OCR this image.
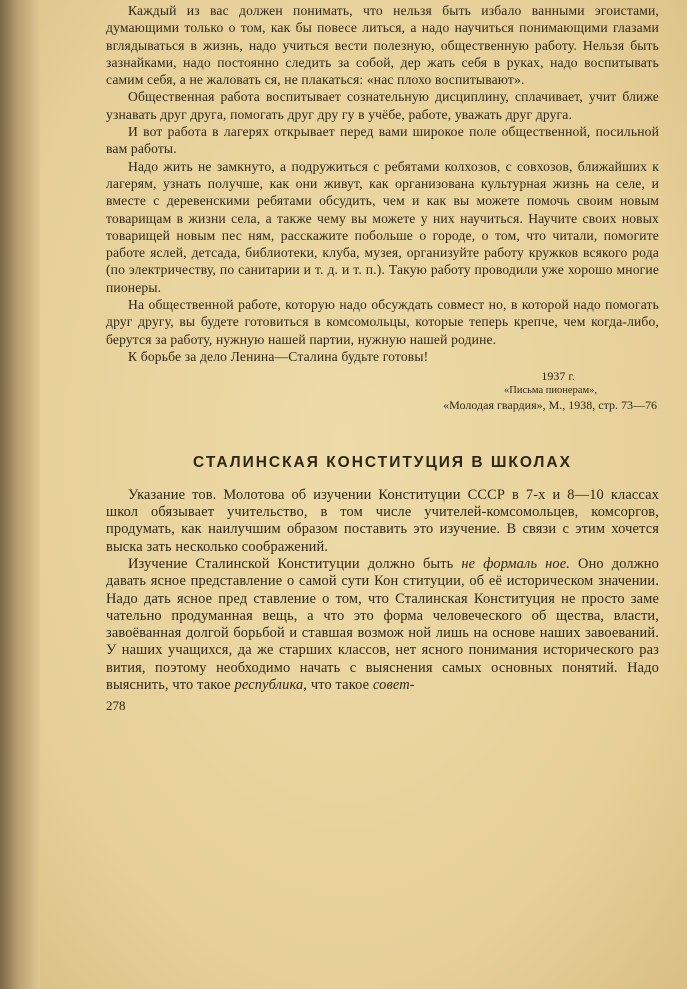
Каждый из вас должен понимать, что нельзя быть избало ванными эгоистами, думающими только о том, как бы повесе литься, а надо научиться понимающими глазами вглядываться в жизнь, надо учиться вести полезную, общественную работу. Нельзя быть зазнайками, надо постоянно следить за собой, дер жать себя в руках, надо воспитывать самим себя, а не жаловать ся, не плакаться: «нас плохо воспитывают».

Общественная работа воспитывает сознательную дисциплину, сплачивает, учит ближе узнавать друг друга, помогать друг дру гу в учёбе, работе, уважать друг друга.

И вот работа в лагерях открывает перед вами широкое поле общественной, посильной вам работы.

Надо жить не замкнуто, а подружиться с ребятами колхозов, с совхозов, ближайших к лагерям, узнать получше, как они живут, как организована культурная жизнь на селе, и вместе с деревенскими ребятами обсудить, чем и как вы можете помочь своим новым товарищам в жизни села, а также чему вы можете у них научиться. Научите своих новых товарищей новым пес ням, расскажите побольше о городе, о том, что читали, помогите работе яслей, детсада, библиотеки, клуба, музея, организуйте работу кружков всякого рода (по электричеству, по санитарии и т. д. и т. п.). Такую работу проводили уже хорошо многие пионеры.

На общественной работе, которую надо обсуждать совмест но, в которой надо помогать друг другу, вы будете готовиться в комсомольцы, которые теперь крепче, чем когда-либо, берутся за работу, нужную нашей партии, нужную нашей родине.

К борьбе за дело Ленина—Сталина будьте готовы!

1937 г.
«Письма пионерам»,
«Молодая гвардия», М., 1938, стр. 73—76
СТАЛИНСКАЯ КОНСТИТУЦИЯ В ШКОЛАХ

Указание тов. Молотова об изучении Конституции СССР в 7-х и 8—10 классах школ обязывает учительство, в том числе учителей-комсомольцев, комсоргов, продумать, как наилучшим образом поставить это изучение. В связи с этим хочется выска зать несколько соображений.

Изучение Сталинской Конституции должно быть не формаль ное. Оно должно давать ясное представление о самой сути Кон ституции, об её историческом значении. Надо дать ясное пред ставление о том, что Сталинская Конституция не просто заме чательно продуманная вещь, а что это форма человеческого об щества, власти, завоёванная долгой борьбой и ставшая возмож ной лишь на основе наших завоеваний. У наших учащихся, да же старших классов, нет ясного понимания исторического раз вития, поэтому необходимо начать с выяснения самых основных понятий. Надо выяснить, что такое республика, что такое совет-

278
